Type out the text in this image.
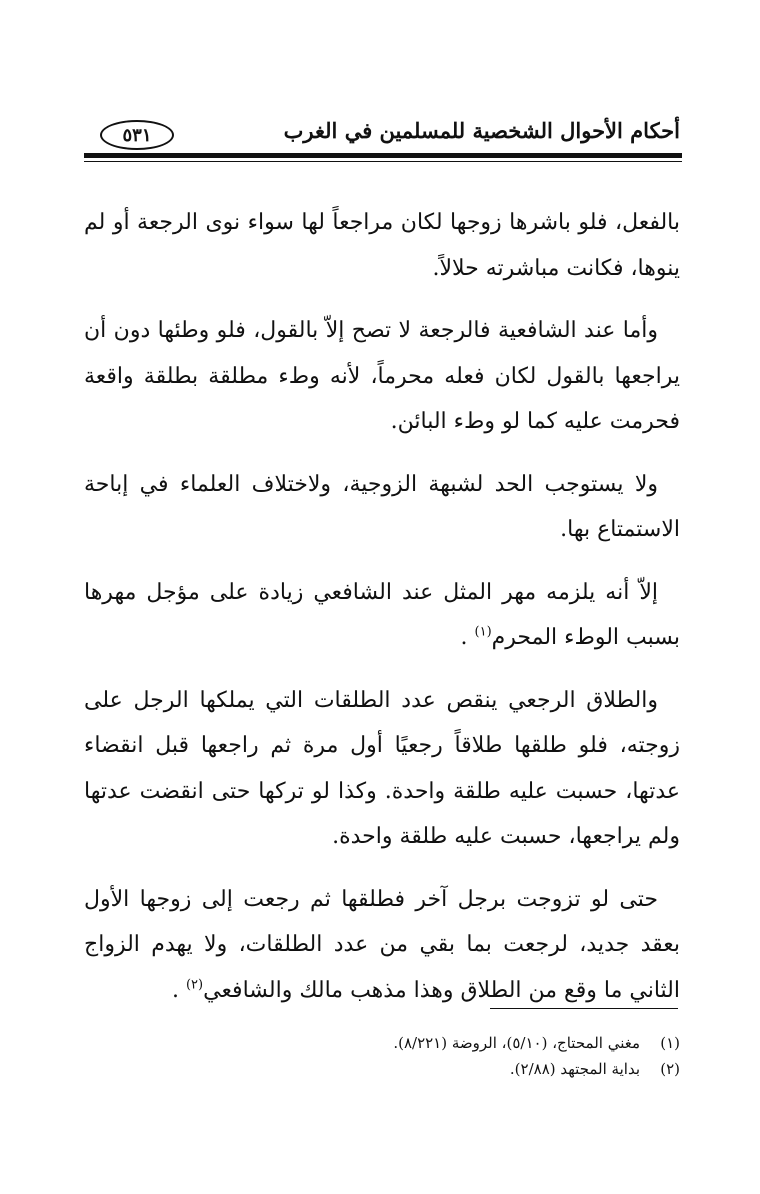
أحكام الأحوال الشخصية للمسلمين في الغرب
٥٣١

بالفعل، فلو باشرها زوجها لكان مراجعاً لها سواء نوى الرجعة أو لم ينوها، فكانت مباشرته حلالاً.

وأما عند الشافعية فالرجعة لا تصح إلاّ بالقول، فلو وطئها دون أن يراجعها بالقول لكان فعله محرماً، لأنه وطء مطلقة بطلقة واقعة فحرمت عليه كما لو وطء البائن.

ولا يستوجب الحد لشبهة الزوجية، ولاختلاف العلماء في إباحة الاستمتاع بها.

إلاّ أنه يلزمه مهر المثل عند الشافعي زيادة على مؤجل مهرها بسبب الوطء المحرم$^{(١)}$ .

والطلاق الرجعي ينقص عدد الطلقات التي يملكها الرجل على زوجته، فلو طلقها طلاقاً رجعيًا أول مرة ثم راجعها قبل انقضاء عدتها، حسبت عليه طلقة واحدة. وكذا لو تركها حتى انقضت عدتها ولم يراجعها، حسبت عليه طلقة واحدة.

حتى لو تزوجت برجل آخر فطلقها ثم رجعت إلى زوجها الأول بعقد جديد، لرجعت بما بقي من عدد الطلقات، ولا يهدم الزواج الثاني ما وقع من الطلاق وهذا مذهب مالك والشافعي$^{(٢)}$ .

(١)مغني المحتاج، (٥/١٠)، الروضة (٨/٢٢١).

(٢)بداية المجتهد (٢/٨٨).
